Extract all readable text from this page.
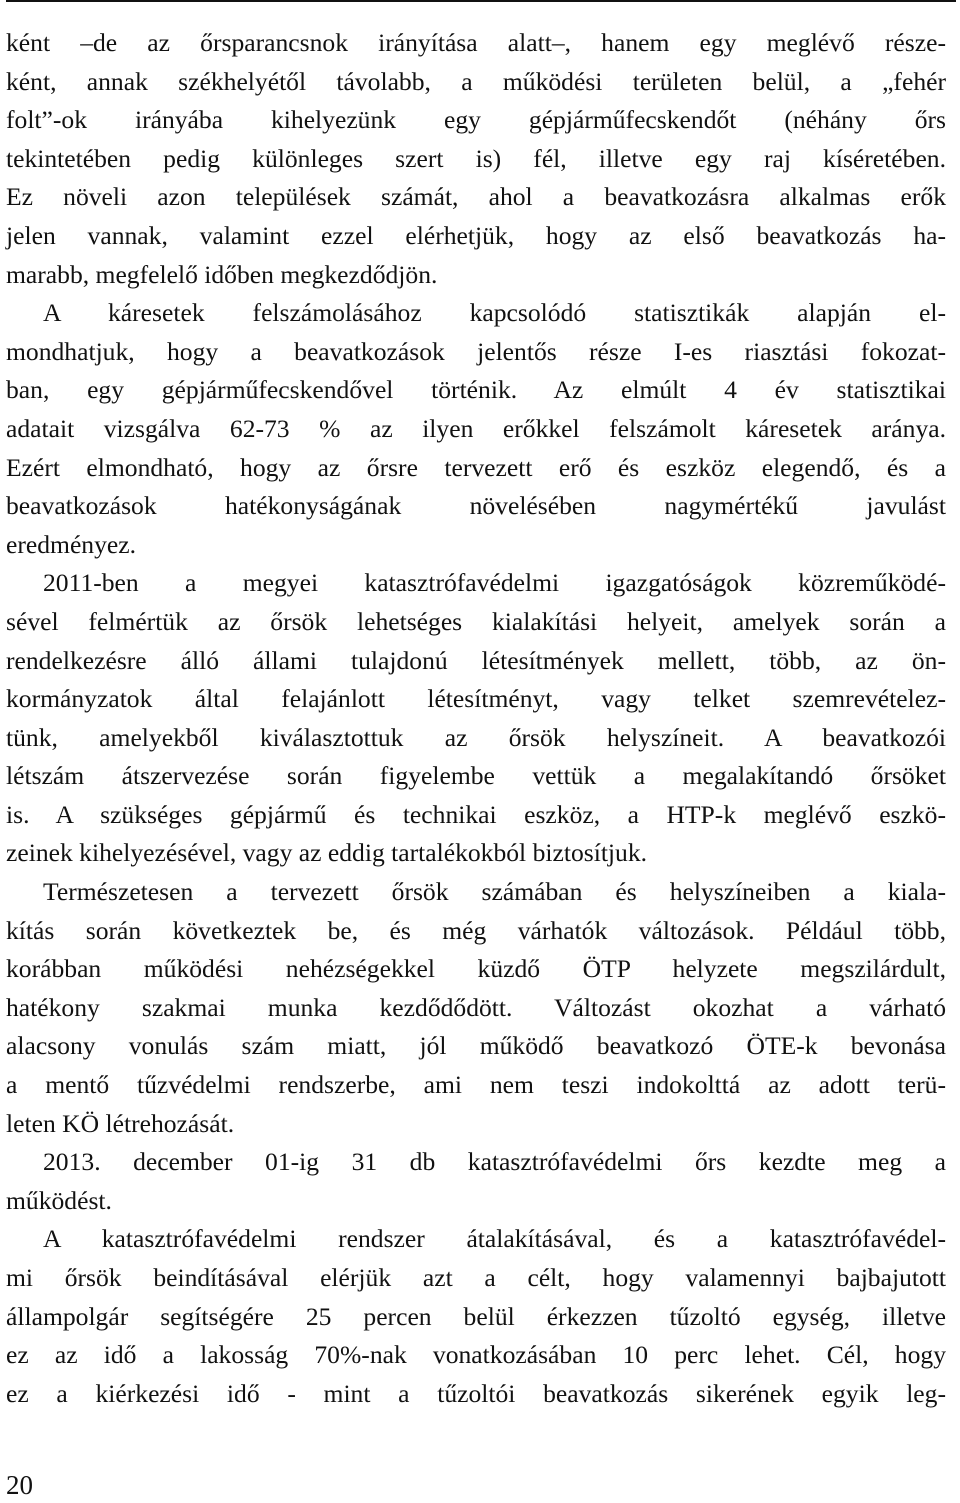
ként –de az őrsparancsnok irányítása alatt–, hanem egy meglévő része-
ként, annak székhelyétől távolabb, a működési területen belül, a „fehér
folt”-ok irányába kihelyezünk egy gépjárműfecskendőt (néhány őrs
tekintetében pedig különleges szert is) fél, illetve egy raj kíséretében.
Ez növeli azon települések számát, ahol a beavatkozásra alkalmas erők
jelen vannak, valamint ezzel elérhetjük, hogy az első beavatkozás ha-
marabb, megfelelő időben megkezdődjön.
A káresetek felszámolásához kapcsolódó statisztikák alapján el-
mondhatjuk, hogy a beavatkozások jelentős része I-es riasztási fokozat-
ban, egy gépjárműfecskendővel történik. Az elmúlt 4 év statisztikai
adatait vizsgálva 62-73 % az ilyen erőkkel felszámolt káresetek aránya.
Ezért elmondható, hogy az őrsre tervezett erő és eszköz elegendő, és a
beavatkozások hatékonyságának növelésében nagymértékű javulást
eredményez.
2011-ben a megyei katasztrófavédelmi igazgatóságok közreműködé-
sével felmértük az őrsök lehetséges kialakítási helyeit, amelyek során a
rendelkezésre álló állami tulajdonú létesítmények mellett, több, az ön-
kormányzatok által felajánlott létesítményt, vagy telket szemrevételez-
tünk, amelyekből kiválasztottuk az őrsök helyszíneit. A beavatkozói
létszám átszervezése során figyelembe vettük a megalakítandó őrsöket
is. A szükséges gépjármű és technikai eszköz, a HTP-k meglévő eszkö-
zeinek kihelyezésével, vagy az eddig tartalékokból biztosítjuk.
Természetesen a tervezett őrsök számában és helyszíneiben a kiala-
kítás során következtek be, és még várhatók változások. Például több,
korábban működési nehézségekkel küzdő ÖTP helyzete megszilárdult,
hatékony szakmai munka kezdődődött. Változást okozhat a várható
alacsony vonulás szám miatt, jól működő beavatkozó ÖTE-k bevonása
a mentő tűzvédelmi rendszerbe, ami nem teszi indokolttá az adott terü-
leten KÖ létrehozását.
2013. december 01-ig 31 db katasztrófavédelmi őrs kezdte meg a
működést.
A katasztrófavédelmi rendszer átalakításával, és a katasztrófavédel-
mi őrsök beindításával elérjük azt a célt, hogy valamennyi bajbajutott
állampolgár segítségére 25 percen belül érkezzen tűzoltó egység, illetve
ez az idő a lakosság 70%-nak vonatkozásában 10 perc lehet. Cél, hogy
ez a kiérkezési idő - mint a tűzoltói beavatkozás sikerének egyik leg-
20
